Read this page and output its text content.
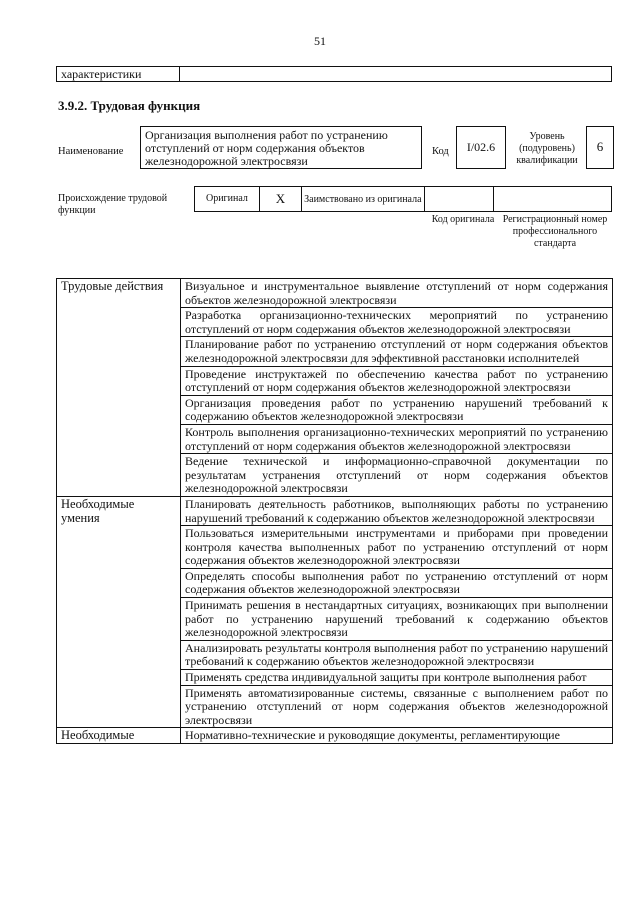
51
характеристики
3.9.2. Трудовая функция
Наименование
Организация выполнения работ по устранению отступлений от норм содержания объектов железнодорожной электросвязи
Код	I/02.6
Уровень (подуровень) квалификации
6
Происхождение трудовой функции
Оригинал	X	Заимствовано из оригинала		
Код оригинала Регистрационный номер профессионального стандарта
Трудовые действия	Визуальное и инструментальное выявление отступлений от норм содержания объектов железнодорожной электросвязи
	Разработка организационно-технических мероприятий по устранению отступлений от норм содержания объектов железнодорожной электросвязи
	Планирование работ по устранению отступлений от норм содержания объектов железнодорожной электросвязи для эффективной расстановки исполнителей
	Проведение инструктажей по обеспечению качества работ по устранению отступлений от норм содержания объектов железнодорожной электросвязи
	Организация проведения работ по устранению нарушений требований к содержанию объектов железнодорожной электросвязи
	Контроль выполнения организационно-технических мероприятий по устранению отступлений от норм содержания объектов железнодорожной электросвязи
	Ведение технической и информационно-справочной документации по результатам устранения отступлений от норм содержания объектов железнодорожной электросвязи
Необходимые умения	Планировать деятельность работников, выполняющих работы по устранению нарушений требований к содержанию объектов железнодорожной электросвязи
	Пользоваться измерительными инструментами и приборами при проведении контроля качества выполненных работ по устранению отступлений от норм содержания объектов железнодорожной электросвязи
	Определять способы выполнения работ по устранению отступлений от норм содержания объектов железнодорожной электросвязи
	Принимать решения в нестандартных ситуациях, возникающих при выполнении работ по устранению нарушений требований к содержанию объектов железнодорожной электросвязи
	Анализировать результаты контроля выполнения работ по устранению нарушений требований к содержанию объектов железнодорожной электросвязи
	Применять средства индивидуальной защиты при контроле выполнения работ
	Применять автоматизированные системы, связанные с выполнением работ по устранению отступлений от норм содержания объектов железнодорожной электросвязи
Необходимые	Нормативно-технические и руководящие документы, регламентирующие
